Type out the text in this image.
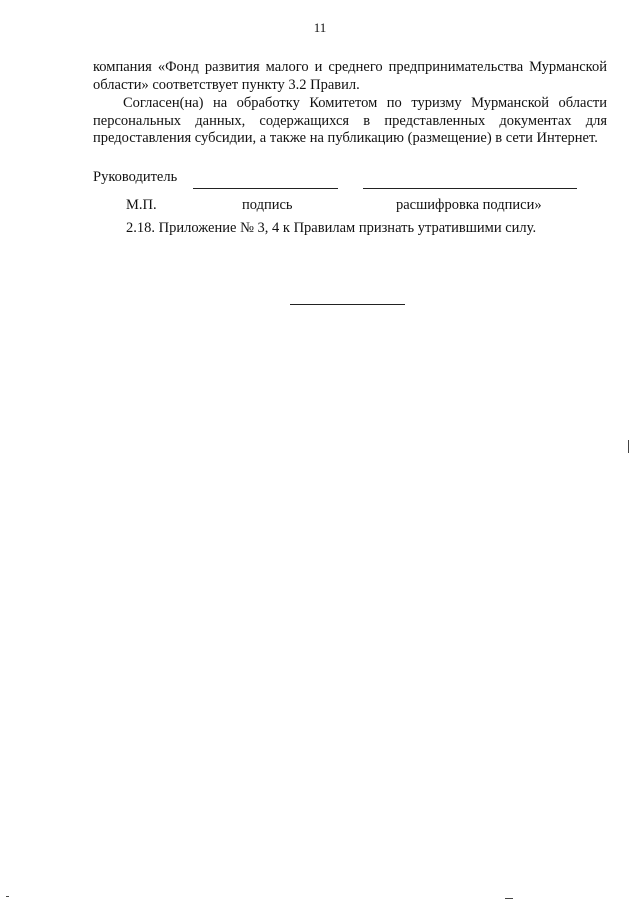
11
компания «Фонд развития малого и среднего предпринимательства Мурманской области» соответствует пункту 3.2 Правил.
Согласен(на) на обработку Комитетом по туризму Мурманской области персональных данных, содержащихся в представленных документах для предоставления субсидии, а также на публикацию (размещение) в сети Интернет.
Руководитель
М.П.	подпись	расшифровка подписи»
2.18. Приложение № 3, 4 к Правилам признать утратившими силу.
